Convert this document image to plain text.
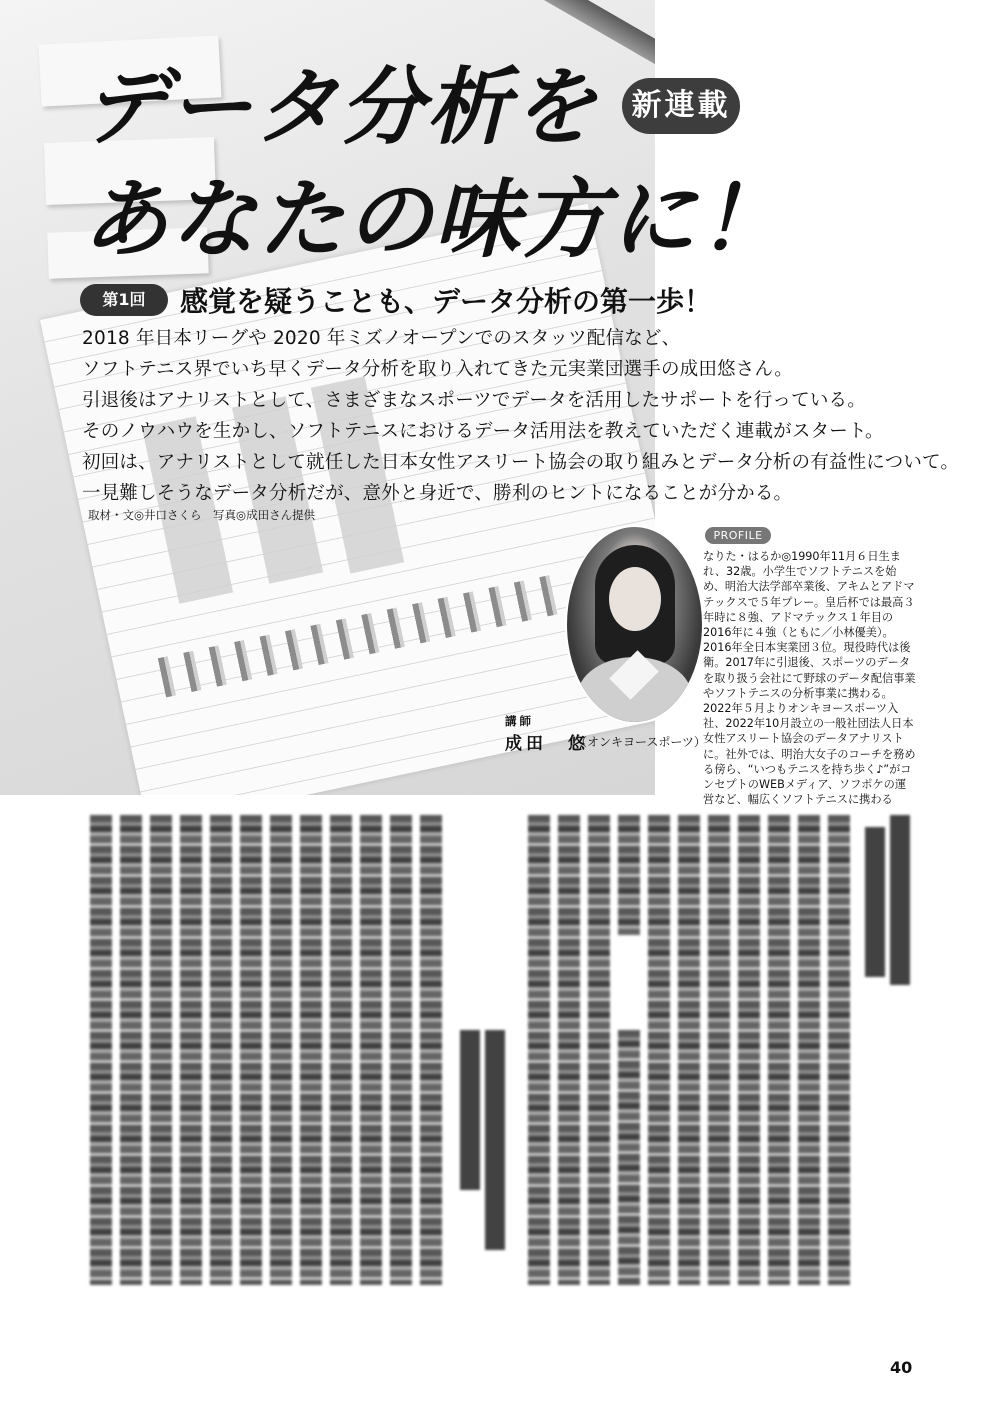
データ分析を
あなたの味方に！
新連載
第1回	感覚を疑うことも、データ分析の第一歩！

2018 年日本リーグや 2020 年ミズノオープンでのスタッツ配信など、

ソフトテニス界でいち早くデータ分析を取り入れてきた元実業団選手の成田悠さん。

引退後はアナリストとして、さまざまなスポーツでデータを活用したサポートを行っている。

そのノウハウを生かし、ソフトテニスにおけるデータ活用法を教えていただく連載がスタート。

初回は、アナリストとして就任した日本女性アスリート協会の取り組みとデータ分析の有益性について。

一見難しそうなデータ分析だが、意外と身近で、勝利のヒントになることが分かる。

取材・文◎井口さくら　写真◎成田さん提供
講師
成田　悠
（オンキヨースポーツ）
PROFILE
なりた・はるか◎1990年11月６日生ま
れ、32歳。小学生でソフトテニスを始
め、明治大法学部卒業後、アキムとアドマ
テックスで５年プレー。皇后杯では最高３
年時に８強、アドマテックス１年目の
2016年に４強（ともに／小林優美）。
2016年全日本実業団３位。現役時代は後
衛。2017年に引退後、スポーツのデータ
を取り扱う会社にて野球のデータ配信事業
やソフトテニスの分析事業に携わる。
2022年５月よりオンキヨースポーツ入
社、2022年10月設立の一般社団法人日本
女性アスリート協会のデータアナリスト
に。社外では、明治大女子のコーチを務め
る傍ら、“いつもテニスを持ち歩く♪”がコ
ンセプトのWEBメディア、ソフポケの運
営など、幅広くソフトテニスに携わる
40
